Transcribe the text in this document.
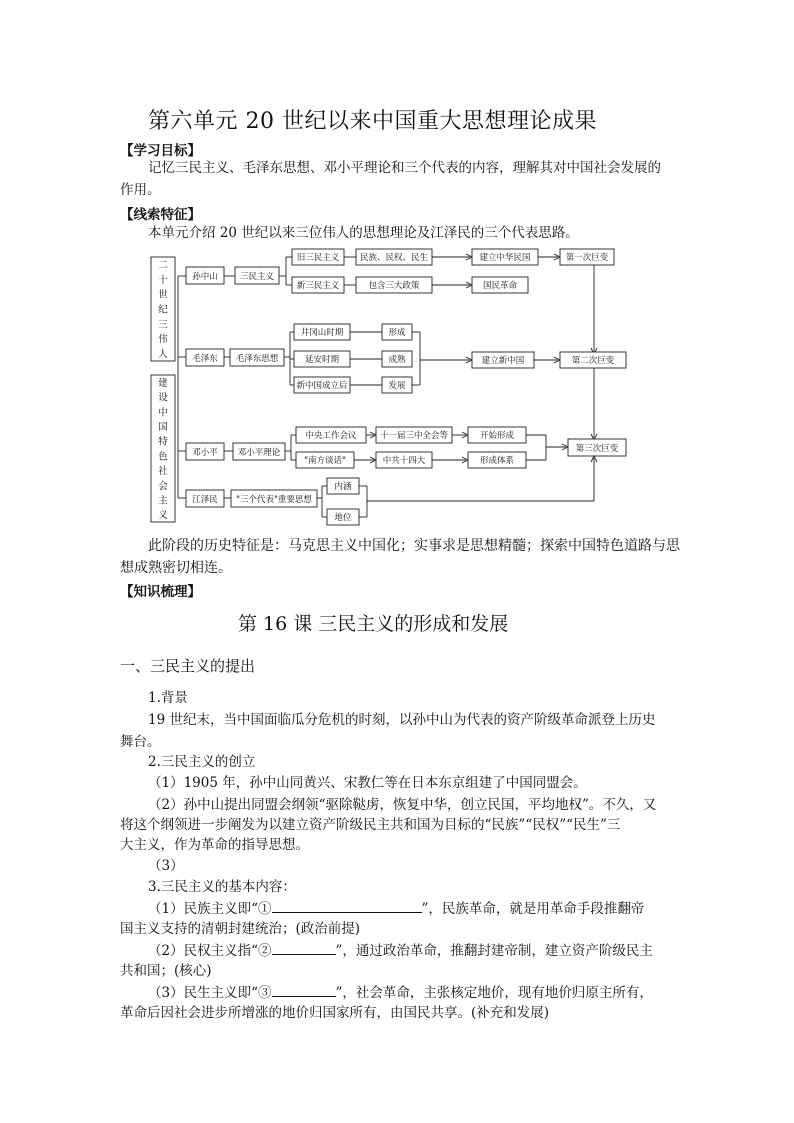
第六单元 20 世纪以来中国重大思想理论成果
【学习目标】
记忆三民主义、毛泽东思想、邓小平理论和三个代表的内容，理解其对中国社会发展的
作用。
【线索特征】
本单元介绍 20 世纪以来三位伟人的思想理论及江泽民的三个代表思路。
二十世纪三伟人
建设中国特色社会主义
孙中山	三民主义
旧三民主义 民族、民权、民生	建立中华民国	第一次巨变
新三民主义	包含三大政策	国民革命
毛泽东 毛泽东思想
井冈山时期	形成
延安时期	成熟
新中国成立后	发展
建立新中国	第二次巨变
邓小平 邓小平理论
中央工作会议	十一届三中全会等	开始形成
"南方谈话"	中共十四大	形成体系
第三次巨变
江泽民 "三个代表"重要思想
内涵
地位
此阶段的历史特征是：马克思主义中国化；实事求是思想精髓；探索中国特色道路与思
想成熟密切相连。
【知识梳理】
第 16 课 三民主义的形成和发展
一、三民主义的提出
1.背景
19 世纪末，当中国面临瓜分危机的时刻，以孙中山为代表的资产阶级革命派登上历史
舞台。
2.三民主义的创立
（1）1905 年，孙中山同黄兴、宋教仁等在日本东京组建了中国同盟会。
（2）孙中山提出同盟会纲领“驱除鞑虏，恢复中华，创立民国，平均地权”。不久，又
将这个纲领进一步阐发为以建立资产阶级民主共和国为目标的“民族”“民权”“民生”三
大主义，作为革命的指导思想。
（3）
3.三民主义的基本内容：
（1）民族主义即“①	”，民族革命，就是用革命手段推翻帝
国主义支持的清朝封建统治；(政治前提)
（2）民权主义指“②	”，通过政治革命，推翻封建帝制，建立资产阶级民主
共和国；(核心)
（3）民生主义即“③	”，社会革命，主张核定地价，现有地价归原主所有，
革命后因社会进步所增涨的地价归国家所有，由国民共享。(补充和发展)
